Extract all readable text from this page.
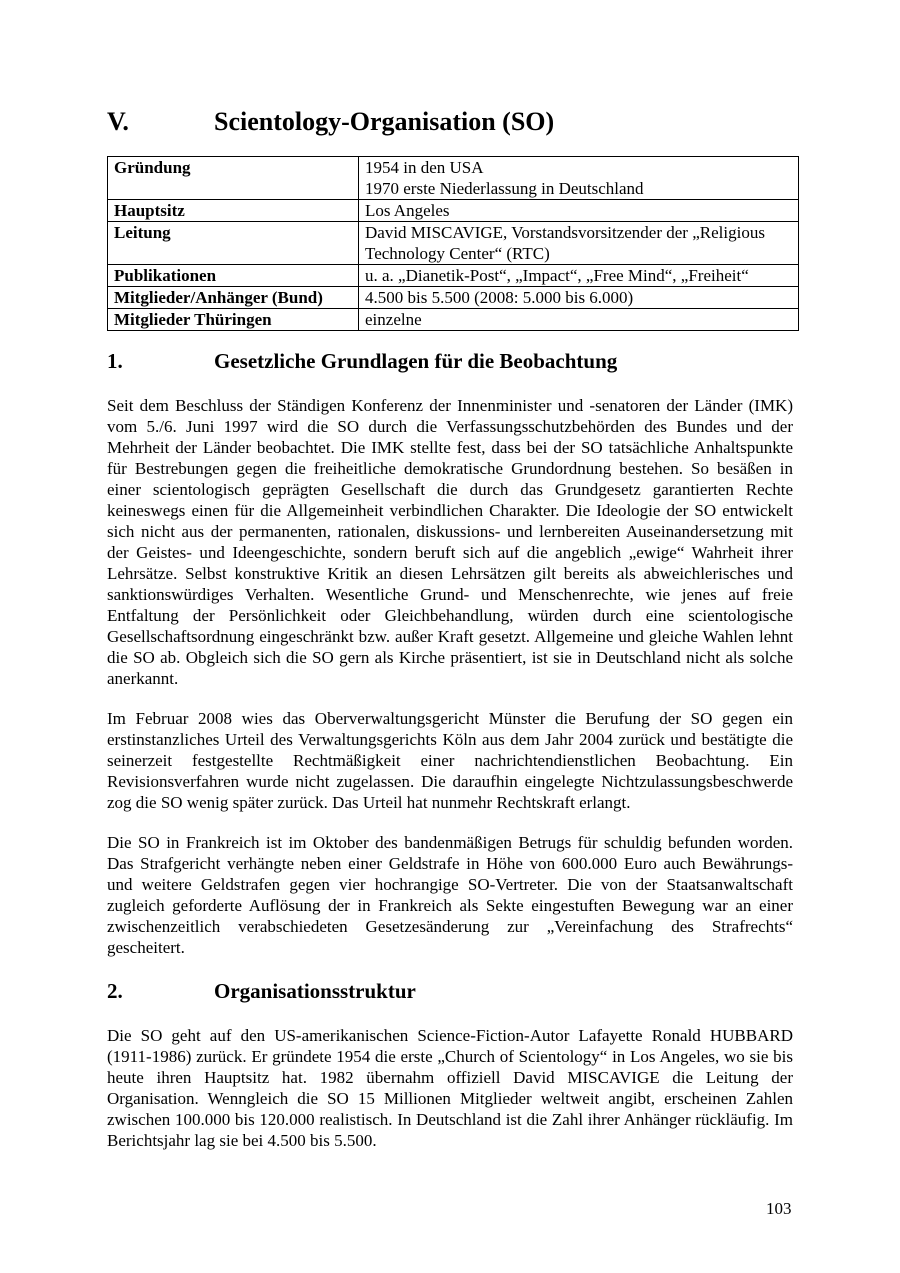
V.	Scientology-Organisation (SO)
Gründung	1954 in den USA
1970 erste Niederlassung in Deutschland

Hauptsitz	Los Angeles

Leitung	David MISCAVIGE, Vorstandsvorsitzender der „Religious
Technology Center“ (RTC)

Publikationen	u. a. „Dianetik-Post“, „Impact“, „Free Mind“, „Freiheit“

Mitglieder/Anhänger (Bund)	4.500 bis 5.500 (2008: 5.000 bis 6.000)

Mitglieder Thüringen	einzelne
1.	Gesetzliche Grundlagen für die Beobachtung

Seit dem Beschluss der Ständigen Konferenz der Innenminister und -senatoren der Länder (IMK) vom 5./6. Juni 1997 wird die SO durch die Verfassungsschutzbehörden des Bundes und der Mehrheit der Länder beobachtet. Die IMK stellte fest, dass bei der SO tatsächliche Anhaltspunkte für Bestrebungen gegen die freiheitliche demokratische Grundordnung bestehen. So besäßen in einer scientologisch geprägten Gesellschaft die durch das Grundgesetz garantierten Rechte keineswegs einen für die Allgemeinheit verbindlichen Charakter. Die Ideologie der SO entwickelt sich nicht aus der permanenten, rationalen, diskussions- und lernbereiten Auseinandersetzung mit der Geistes- und Ideengeschichte, sondern beruft sich auf die angeblich „ewige“ Wahrheit ihrer Lehrsätze. Selbst konstruktive Kritik an diesen Lehrsätzen gilt bereits als abweichlerisches und sanktionswürdiges Verhalten. Wesentliche Grund- und Menschenrechte, wie jenes auf freie Entfaltung der Persönlichkeit oder Gleichbehandlung, würden durch eine scientologische Gesellschaftsordnung eingeschränkt bzw. außer Kraft gesetzt. Allgemeine und gleiche Wahlen lehnt die SO ab. Obgleich sich die SO gern als Kirche präsentiert, ist sie in Deutschland nicht als solche anerkannt.

Im Februar 2008 wies das Oberverwaltungsgericht Münster die Berufung der SO gegen ein erstinstanzliches Urteil des Verwaltungsgerichts Köln aus dem Jahr 2004 zurück und bestätigte die seinerzeit festgestellte Rechtmäßigkeit einer nachrichtendienstlichen Beobachtung. Ein Revisionsverfahren wurde nicht zugelassen. Die daraufhin eingelegte Nichtzulassungsbeschwerde zog die SO wenig später zurück. Das Urteil hat nunmehr Rechtskraft erlangt.

Die SO in Frankreich ist im Oktober des bandenmäßigen Betrugs für schuldig befunden worden. Das Strafgericht verhängte neben einer Geldstrafe in Höhe von 600.000 Euro auch Bewährungs- und weitere Geldstrafen gegen vier hochrangige SO-Vertreter. Die von der Staatsanwaltschaft zugleich geforderte Auflösung der in Frankreich als Sekte eingestuften Bewegung war an einer zwischenzeitlich verabschiedeten Gesetzesänderung zur „Vereinfachung des Strafrechts“ gescheitert.

2.	Organisationsstruktur

Die SO geht auf den US-amerikanischen Science-Fiction-Autor Lafayette Ronald HUBBARD (1911-1986) zurück. Er gründete 1954 die erste „Church of Scientology“ in Los Angeles, wo sie bis heute ihren Hauptsitz hat. 1982 übernahm offiziell David MISCAVIGE die Leitung der Organisation. Wenngleich die SO 15 Millionen Mitglieder weltweit angibt, erscheinen Zahlen zwischen 100.000 bis 120.000 realistisch. In Deutschland ist die Zahl ihrer Anhänger rückläufig. Im Berichtsjahr lag sie bei 4.500 bis 5.500.

103
